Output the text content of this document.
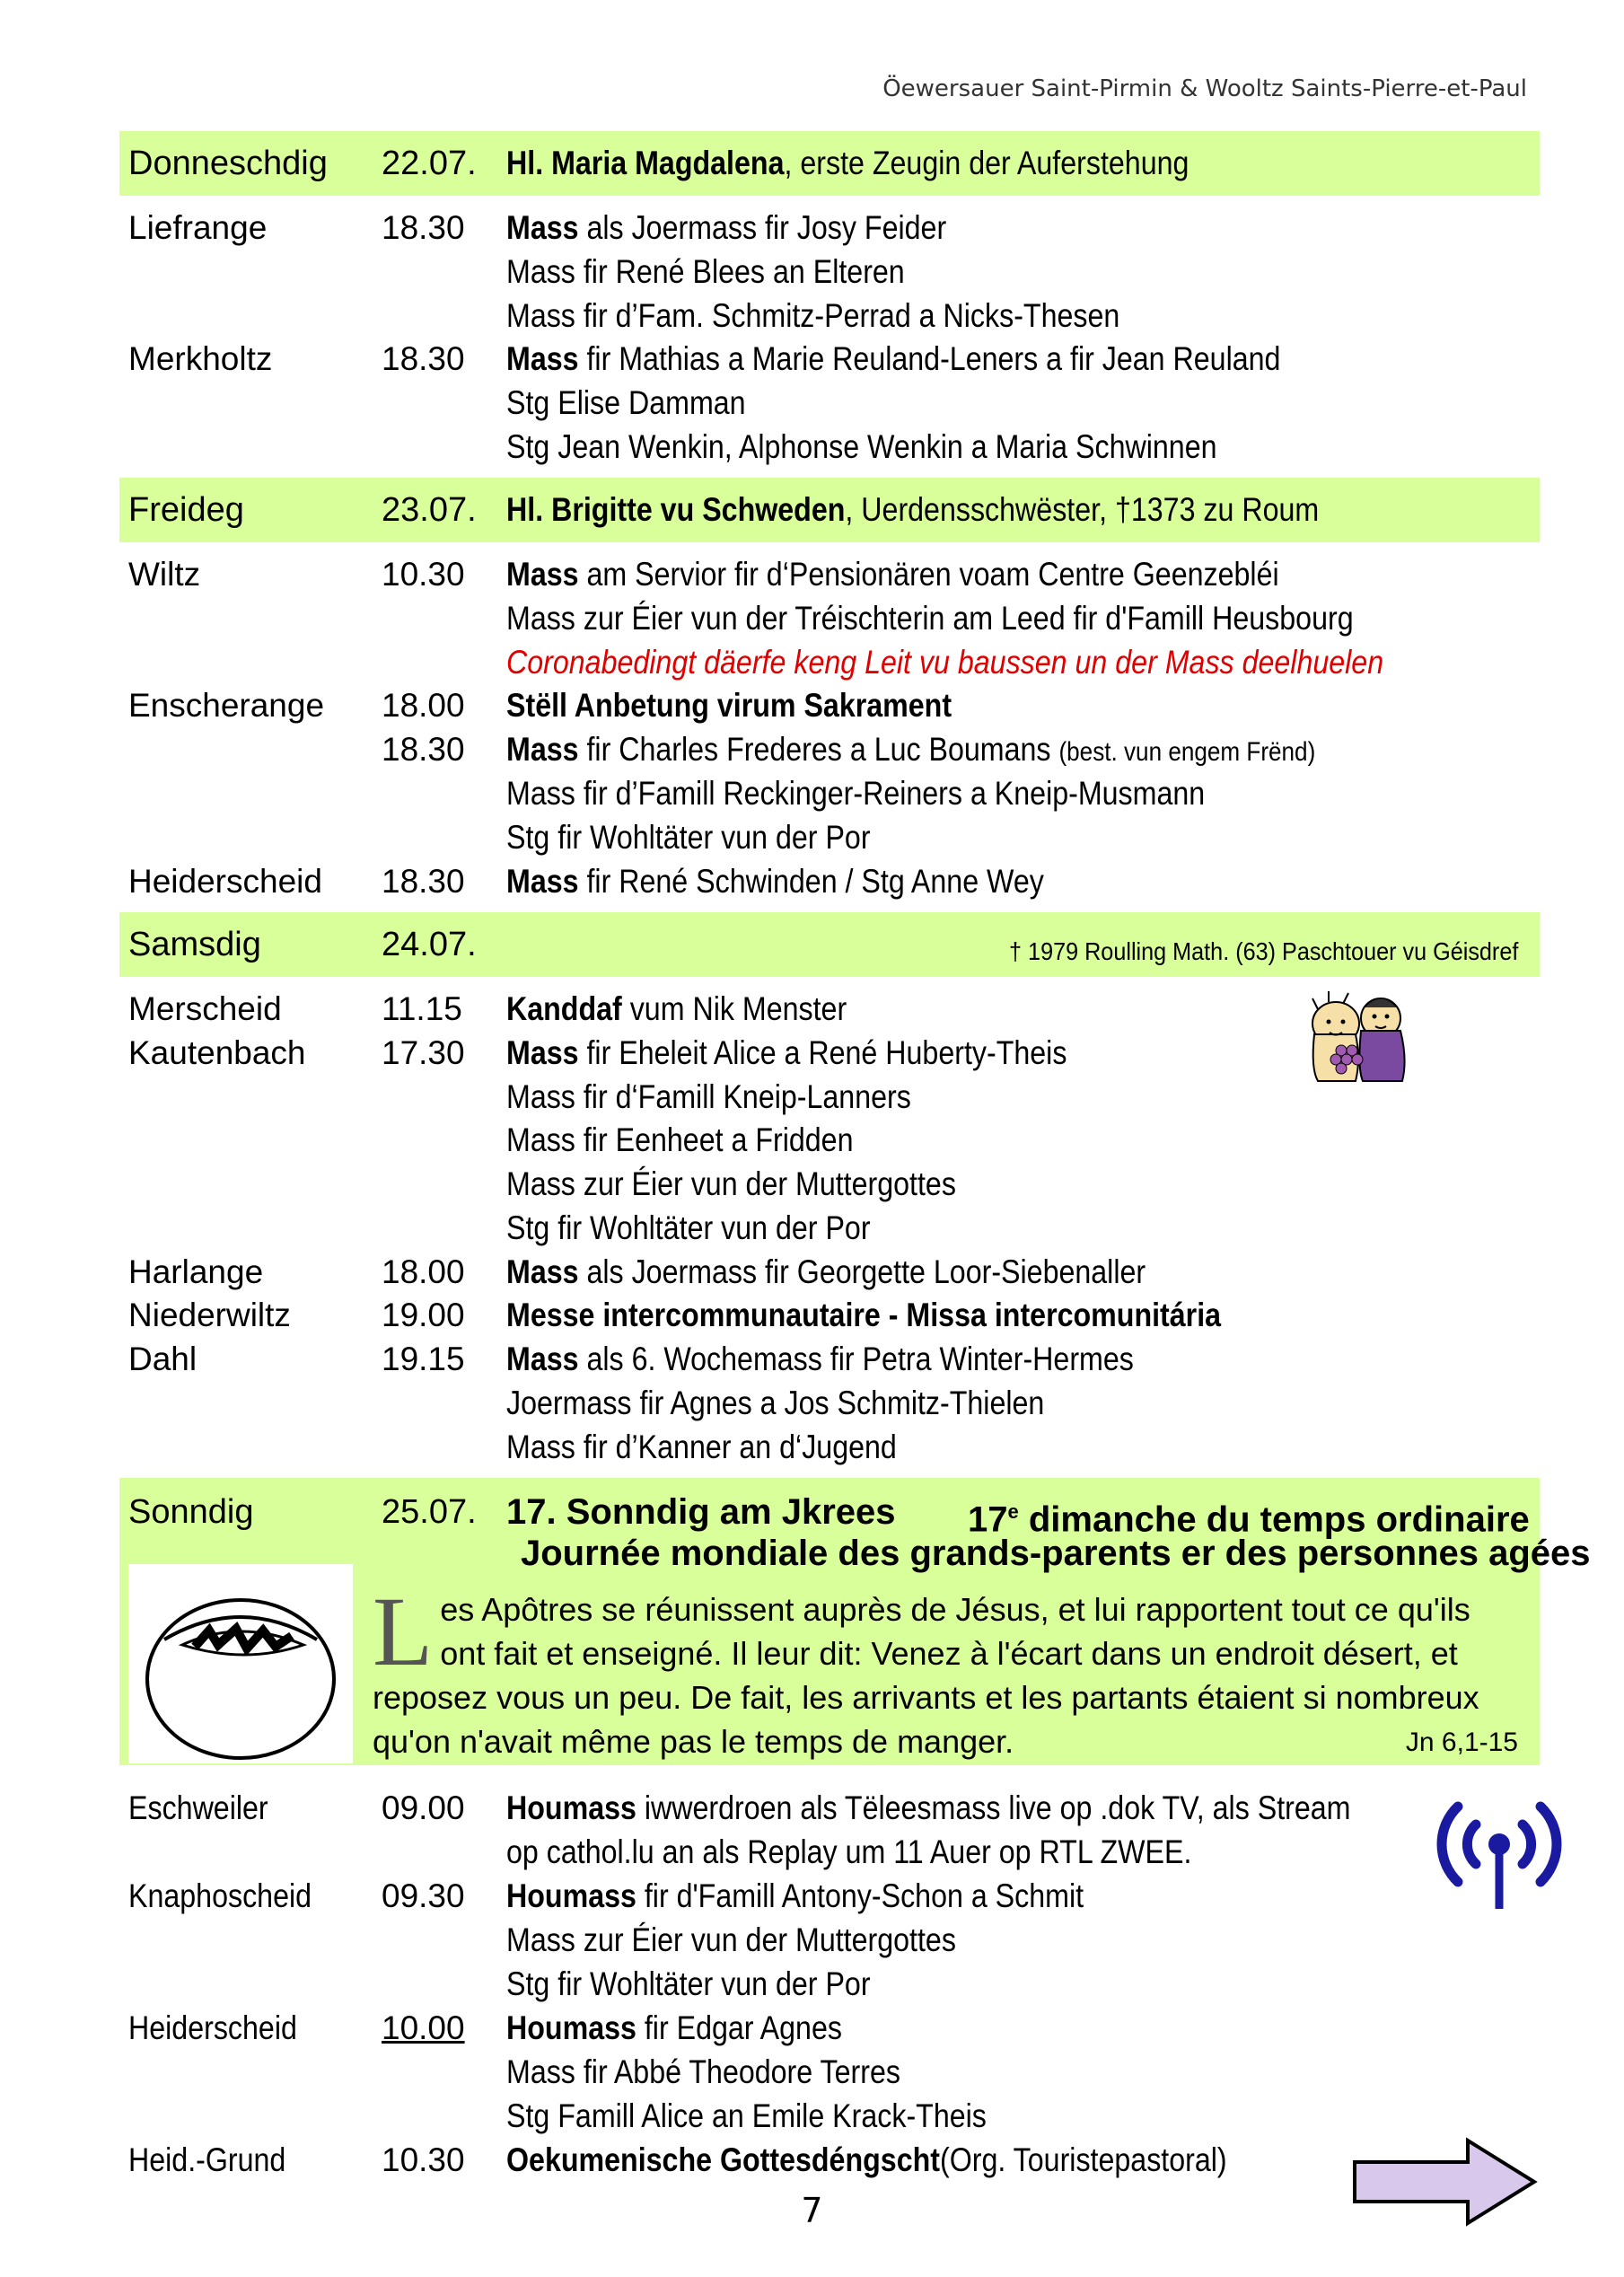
Öewersauer Saint-Pirmin & Wooltz Saints-Pierre-et-Paul
Donneschdig 22.07. Hl. Maria Magdalena, erste Zeugin der Auferstehung
Liefrange	18.30 Mass als Joermass fir Josy Feider
Mass fir René Blees an Elteren
Mass fir d’Fam. Schmitz-Perrad a Nicks-Thesen
Merkholtz	18.30 Mass fir Mathias a Marie Reuland-Leners a fir Jean Reuland
Stg Elise Damman
Stg Jean Wenkin, Alphonse Wenkin a Maria Schwinnen
Freideg	23.07. Hl. Brigitte vu Schweden, Uerdensschwëster, †1373 zu Roum
Wiltz	10.30 Mass am Servior fir d‘Pensionären voam Centre Geenzebléi
Mass zur Éier vun der Tréischterin am Leed fir d'Famill Heusbourg
Coronabedingt däerfe keng Leit vu baussen un der Mass deelhuelen
Enscherange 18.00 Stëll Anbetung virum Sakrament
18.30 Mass fir Charles Frederes a Luc Boumans (best. vun engem Frënd)
Mass fir d’Famill Reckinger-Reiners a Kneip-Musmann
Stg fir Wohltäter vun der Por
Heiderscheid 18.30 Mass fir René Schwinden / Stg Anne Wey
Samsdig	24.07.	† 1979 Roulling Math. (63) Paschtouer vu Géisdref
Merscheid	11.15 Kanddaf vum Nik Menster
Kautenbach 17.30 Mass fir Eheleit Alice a René Huberty-Theis
Mass fir d‘Famill Kneip-Lanners
Mass fir Eenheet a Fridden
Mass zur Éier vun der Muttergottes
Stg fir Wohltäter vun der Por
Harlange	18.00 Mass als Joermass fir Georgette Loor-Siebenaller
Niederwiltz	19.00 Messe intercommunautaire - Missa intercomunitária
Dahl	19.15 Mass als 6. Wochemass fir Petra Winter-Hermes
Joermass fir Agnes a Jos Schmitz-Thielen
Mass fir d’Kanner an d‘Jugend
Sonndig	25.07. 17. Sonndig am Jkrees 17e dimanche du temps ordinaire
Journée mondiale des grands-parents er des personnes agées
Les Apôtres se réunissent auprès de Jésus, et lui rapportent tout ce qu'ils ont fait et enseigné. Il leur dit: Venez à l'écart dans un endroit désert, et reposez vous un peu. De fait, les arrivants et les partants étaient si nombreux qu'on n'avait même pas le temps de manger.	Jn 6,1-15
Eschweiler	09.00 Houmass iwwerdroen als Tëleesmass live op .dok TV, als Stream
op cathol.lu an als Replay um 11 Auer op RTL ZWEE.
Knaphoscheid	09.30 Houmass fir d'Famill Antony-Schon a Schmit
Mass zur Éier vun der Muttergottes
Stg fir Wohltäter vun der Por
Heiderscheid	10.00 Houmass fir Edgar Agnes
Mass fir Abbé Theodore Terres
Stg Famill Alice an Emile Krack-Theis
Heid.-Grund	10.30 Oekumenische Gottesdéngscht(Org. Touristepastoral)
7
